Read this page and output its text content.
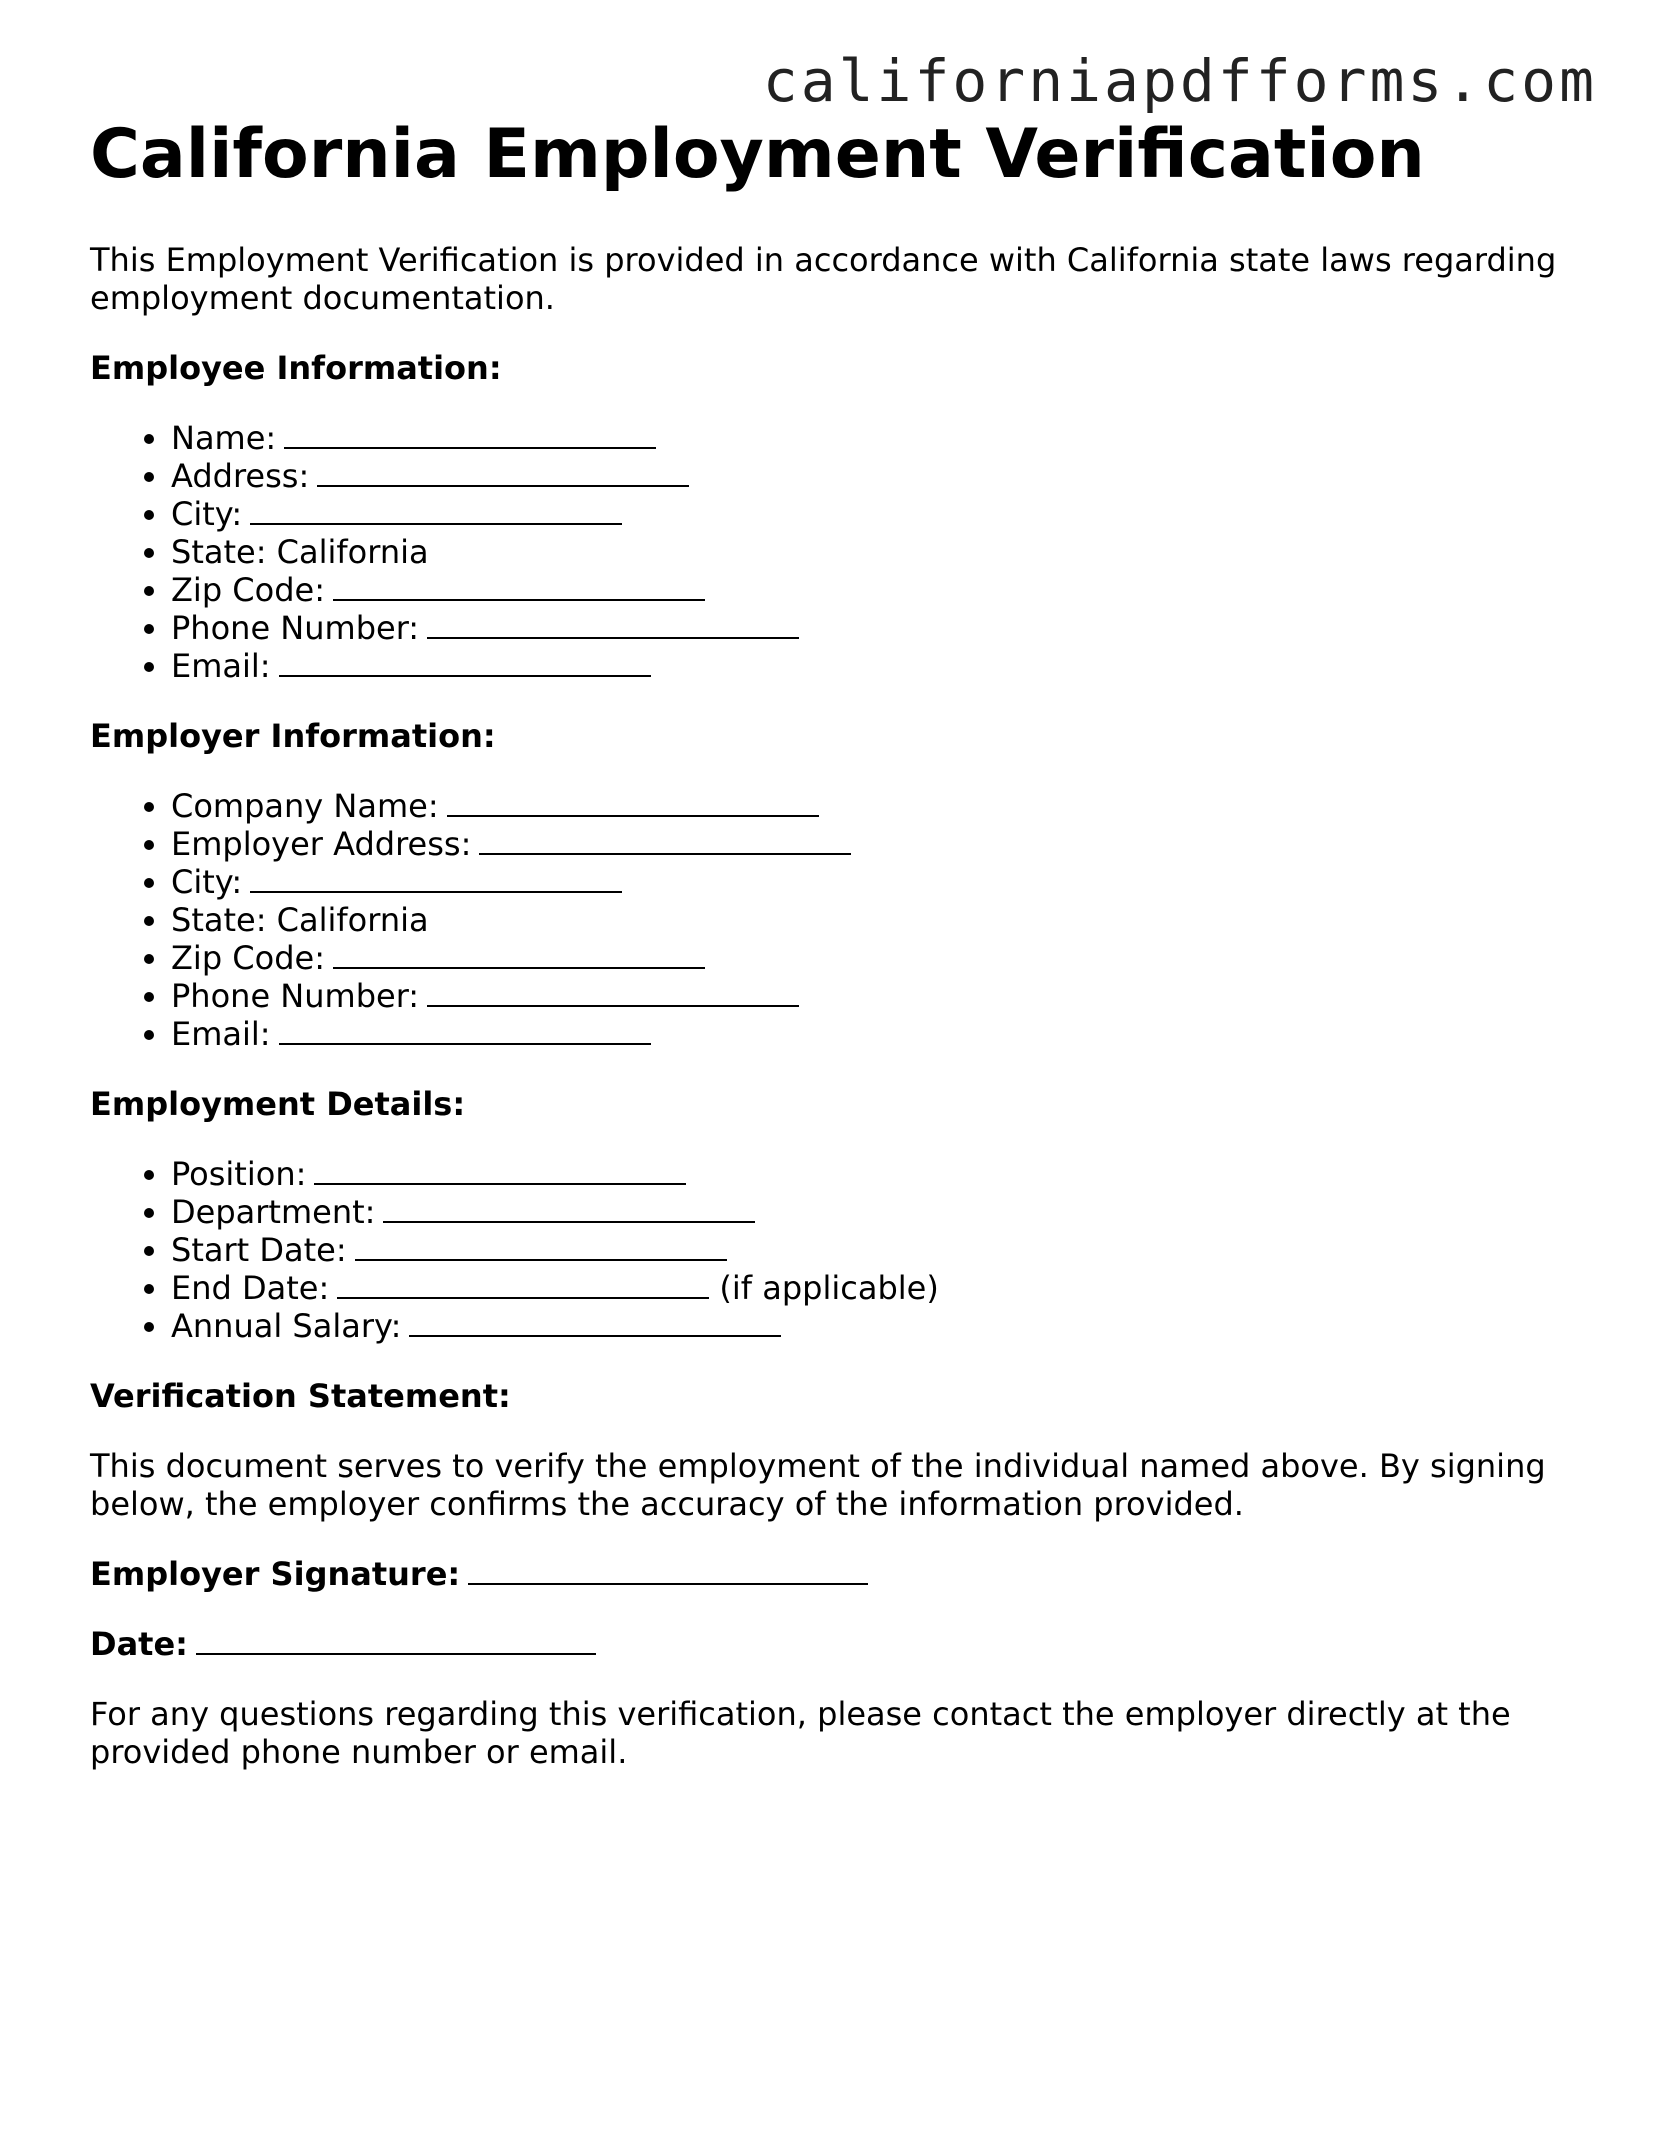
californiapdfforms.com
California Employment Verification

This Employment Verification is provided in accordance with California state laws regarding employment documentation.

Employee Information:
• Name:
• Address:
• City:
• State: California
• Zip Code:
• Phone Number:
• Email:
Employer Information:
• Company Name:
• Employer Address:
• City:
• State: California
• Zip Code:
• Phone Number:
• Email:
Employment Details:
• Position:
• Department:
• Start Date:
• End Date:	(if applicable)
• Annual Salary:
Verification Statement:

This document serves to verify the employment of the individual named above. By signing below, the employer confirms the accuracy of the information provided.

Employer Signature:
Date:

For any questions regarding this verification, please contact the employer directly at the provided phone number or email.
